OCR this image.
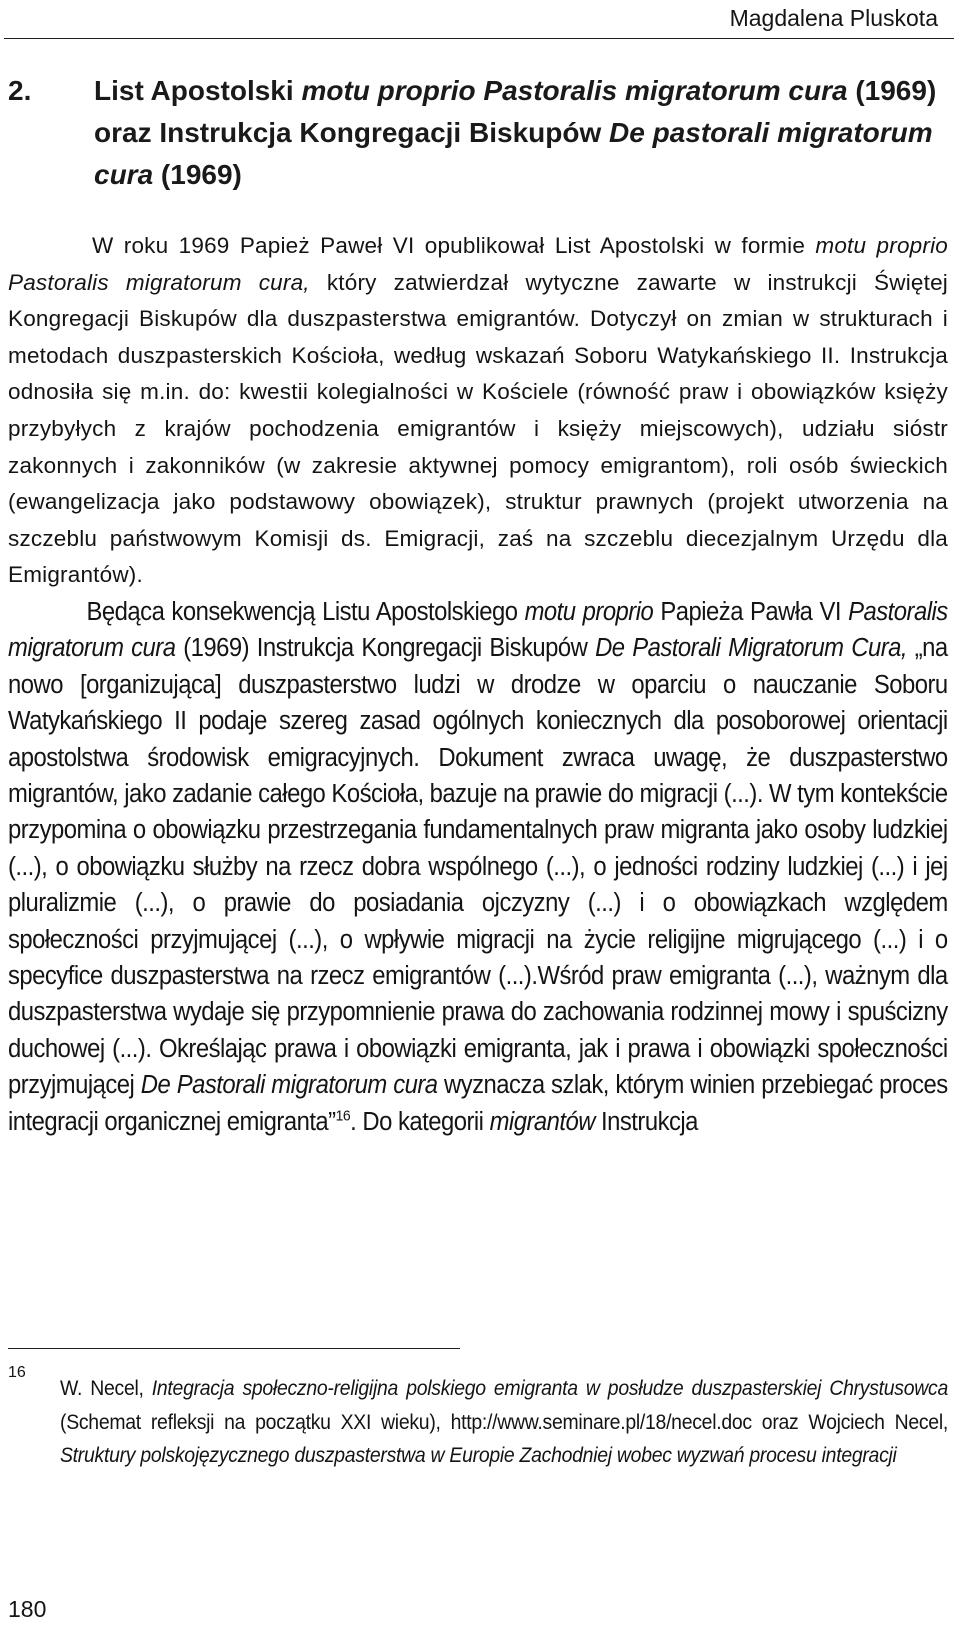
Magdalena Pluskota
2. List Apostolski motu proprio Pastoralis migratorum cura (1969) oraz Instrukcja Kongregacji Biskupów De pastorali migratorum cura (1969)

W roku 1969 Papież Paweł VI opublikował List Apostolski w formie motu proprio Pastoralis migratorum cura, który zatwierdzał wytyczne zawarte w instrukcji Świętej Kongregacji Biskupów dla duszpasterstwa emigrantów. Dotyczył on zmian w strukturach i metodach duszpasterskich Kościoła, według wskazań Soboru Watykańskiego II. Instrukcja odnosiła się m.in. do: kwestii kolegialności w Kościele (równość praw i obowiązków księży przybyłych z krajów pochodzenia emigrantów i księży miejscowych), udziału sióstr zakonnych i zakonników (w zakresie aktywnej pomocy emigrantom), roli osób świeckich (ewangelizacja jako podstawowy obowiązek), struktur prawnych (projekt utworzenia na szczeblu państwowym Komisji ds. Emigracji, zaś na szczeblu diecezjalnym Urzędu dla Emigrantów).

Będąca konsekwencją Listu Apostolskiego motu proprio Papieża Pawła VI Pastoralis migratorum cura (1969) Instrukcja Kongregacji Biskupów De Pastorali Migratorum Cura, „na nowo [organizująca] duszpasterstwo ludzi w drodze w oparciu o nauczanie Soboru Watykańskiego II podaje szereg zasad ogólnych koniecznych dla posoborowej orientacji apostolstwa środowisk emigracyjnych. Dokument zwraca uwagę, że duszpasterstwo migrantów, jako zadanie całego Kościoła, bazuje na prawie do migracji (...). W tym kontekście przypomina o obowiązku przestrzegania fundamentalnych praw migranta jako osoby ludzkiej (...), o obowiązku służby na rzecz dobra wspólnego (...), o jedności rodziny ludzkiej (...) i jej pluralizmie (...), o prawie do posiadania ojczyzny (...) i o obowiązkach względem społeczności przyjmującej (...), o wpływie migracji na życie religijne migrującego (...) i o specyfice duszpasterstwa na rzecz emigrantów (...).Wśród praw emigranta (...), ważnym dla duszpasterstwa wydaje się przypomnienie prawa do zachowania rodzinnej mowy i spuścizny duchowej (...). Określając prawa i obowiązki emigranta, jak i prawa i obowiązki społeczności przyjmującej De Pastorali migratorum cura wyznacza szlak, którym winien przebiegać proces integracji organicznej emigranta”$^{16}$. Do kategorii migrantów Instrukcja

16
W. Necel, Integracja społeczno-religijna polskiego emigranta w posłudze duszpasterskiej Chrystusowca (Schemat refleksji na początku XXI wieku), http://www.seminare.pl/18/necel.doc oraz Wojciech Necel, Struktury polskojęzycznego duszpasterstwa w Europie Zachodniej wobec wyzwań procesu integracji
180
